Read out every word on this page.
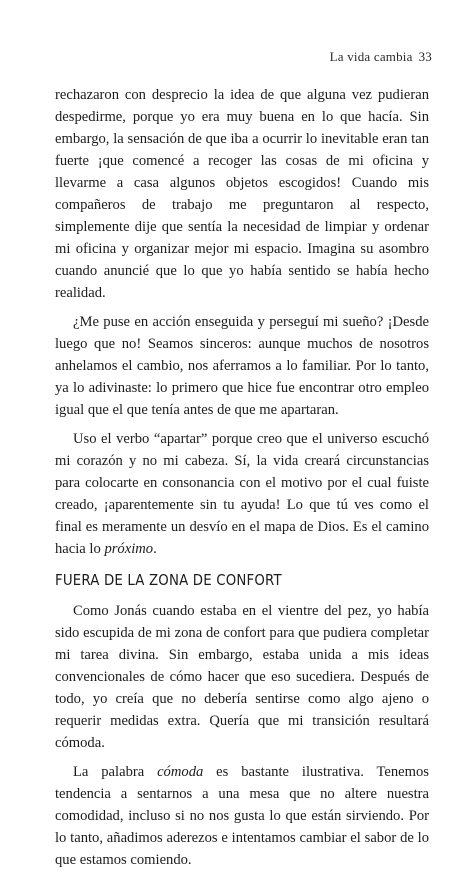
La vida cambia 33

rechazaron con desprecio la idea de que alguna vez pudieran despedirme, porque yo era muy buena en lo que hacía. Sin embargo, la sensación de que iba a ocurrir lo inevitable eran tan fuerte ¡que comencé a recoger las cosas de mi oficina y llevarme a casa algunos objetos escogidos! Cuando mis compañeros de trabajo me preguntaron al respecto, simplemente dije que sentía la necesidad de limpiar y ordenar mi oficina y organizar mejor mi espacio. Imagina su asombro cuando anuncié que lo que yo había sentido se había hecho realidad.

¿Me puse en acción enseguida y perseguí mi sueño? ¡Desde luego que no! Seamos sinceros: aunque muchos de nosotros anhelamos el cambio, nos aferramos a lo familiar. Por lo tanto, ya lo adivinaste: lo primero que hice fue encontrar otro empleo igual que el que tenía antes de que me apartaran.

Uso el verbo “apartar” porque creo que el universo escuchó mi corazón y no mi cabeza. Sí, la vida creará circunstancias para colocarte en consonancia con el motivo por el cual fuiste creado, ¡aparentemente sin tu ayuda! Lo que tú ves como el final es meramente un desvío en el mapa de Dios. Es el camino hacia lo próximo.

FUERA DE LA ZONA DE CONFORT

Como Jonás cuando estaba en el vientre del pez, yo había sido escupida de mi zona de confort para que pudiera completar mi tarea divina. Sin embargo, estaba unida a mis ideas convencionales de cómo hacer que eso sucediera. Después de todo, yo creía que no debería sentirse como algo ajeno o requerir medidas extra. Quería que mi transición resultará cómoda.

La palabra cómoda es bastante ilustrativa. Tenemos tendencia a sentarnos a una mesa que no altere nuestra comodidad, incluso si no nos gusta lo que están sirviendo. Por lo tanto, añadimos aderezos e intentamos cambiar el sabor de lo que estamos comiendo.
